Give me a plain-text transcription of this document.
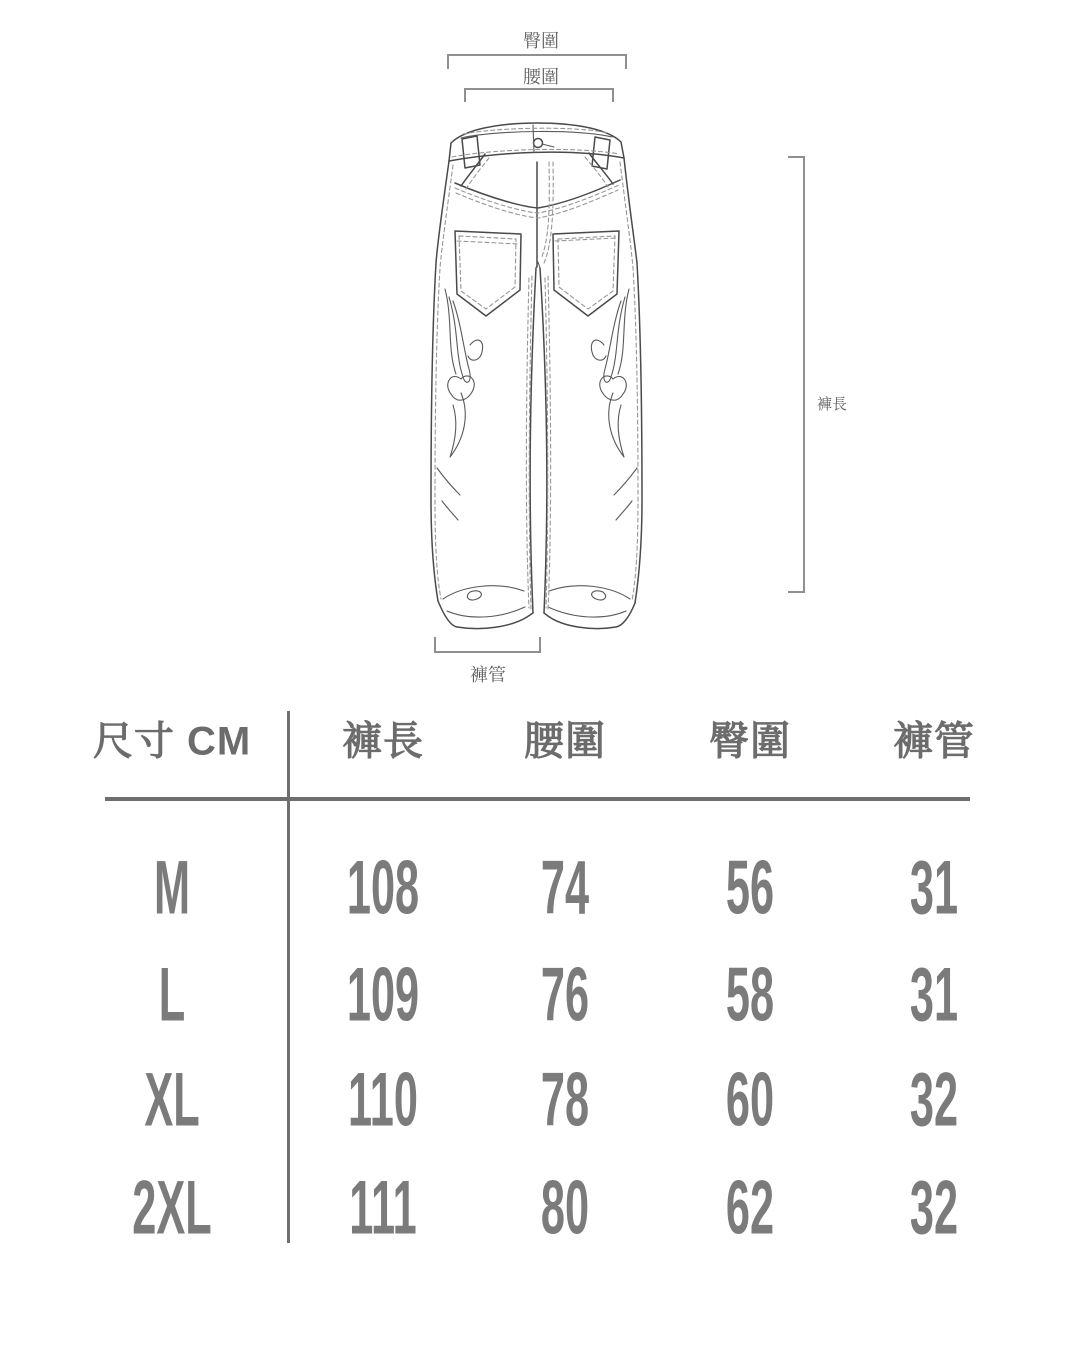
臀圍
腰圍
褲長
褲管
尺寸 CM 褲長	腰圍	臀圍	褲管
M 108 74 56 31
L 109 76 58 31
XL 110 78 60 32
2XL 111 80 62 32
